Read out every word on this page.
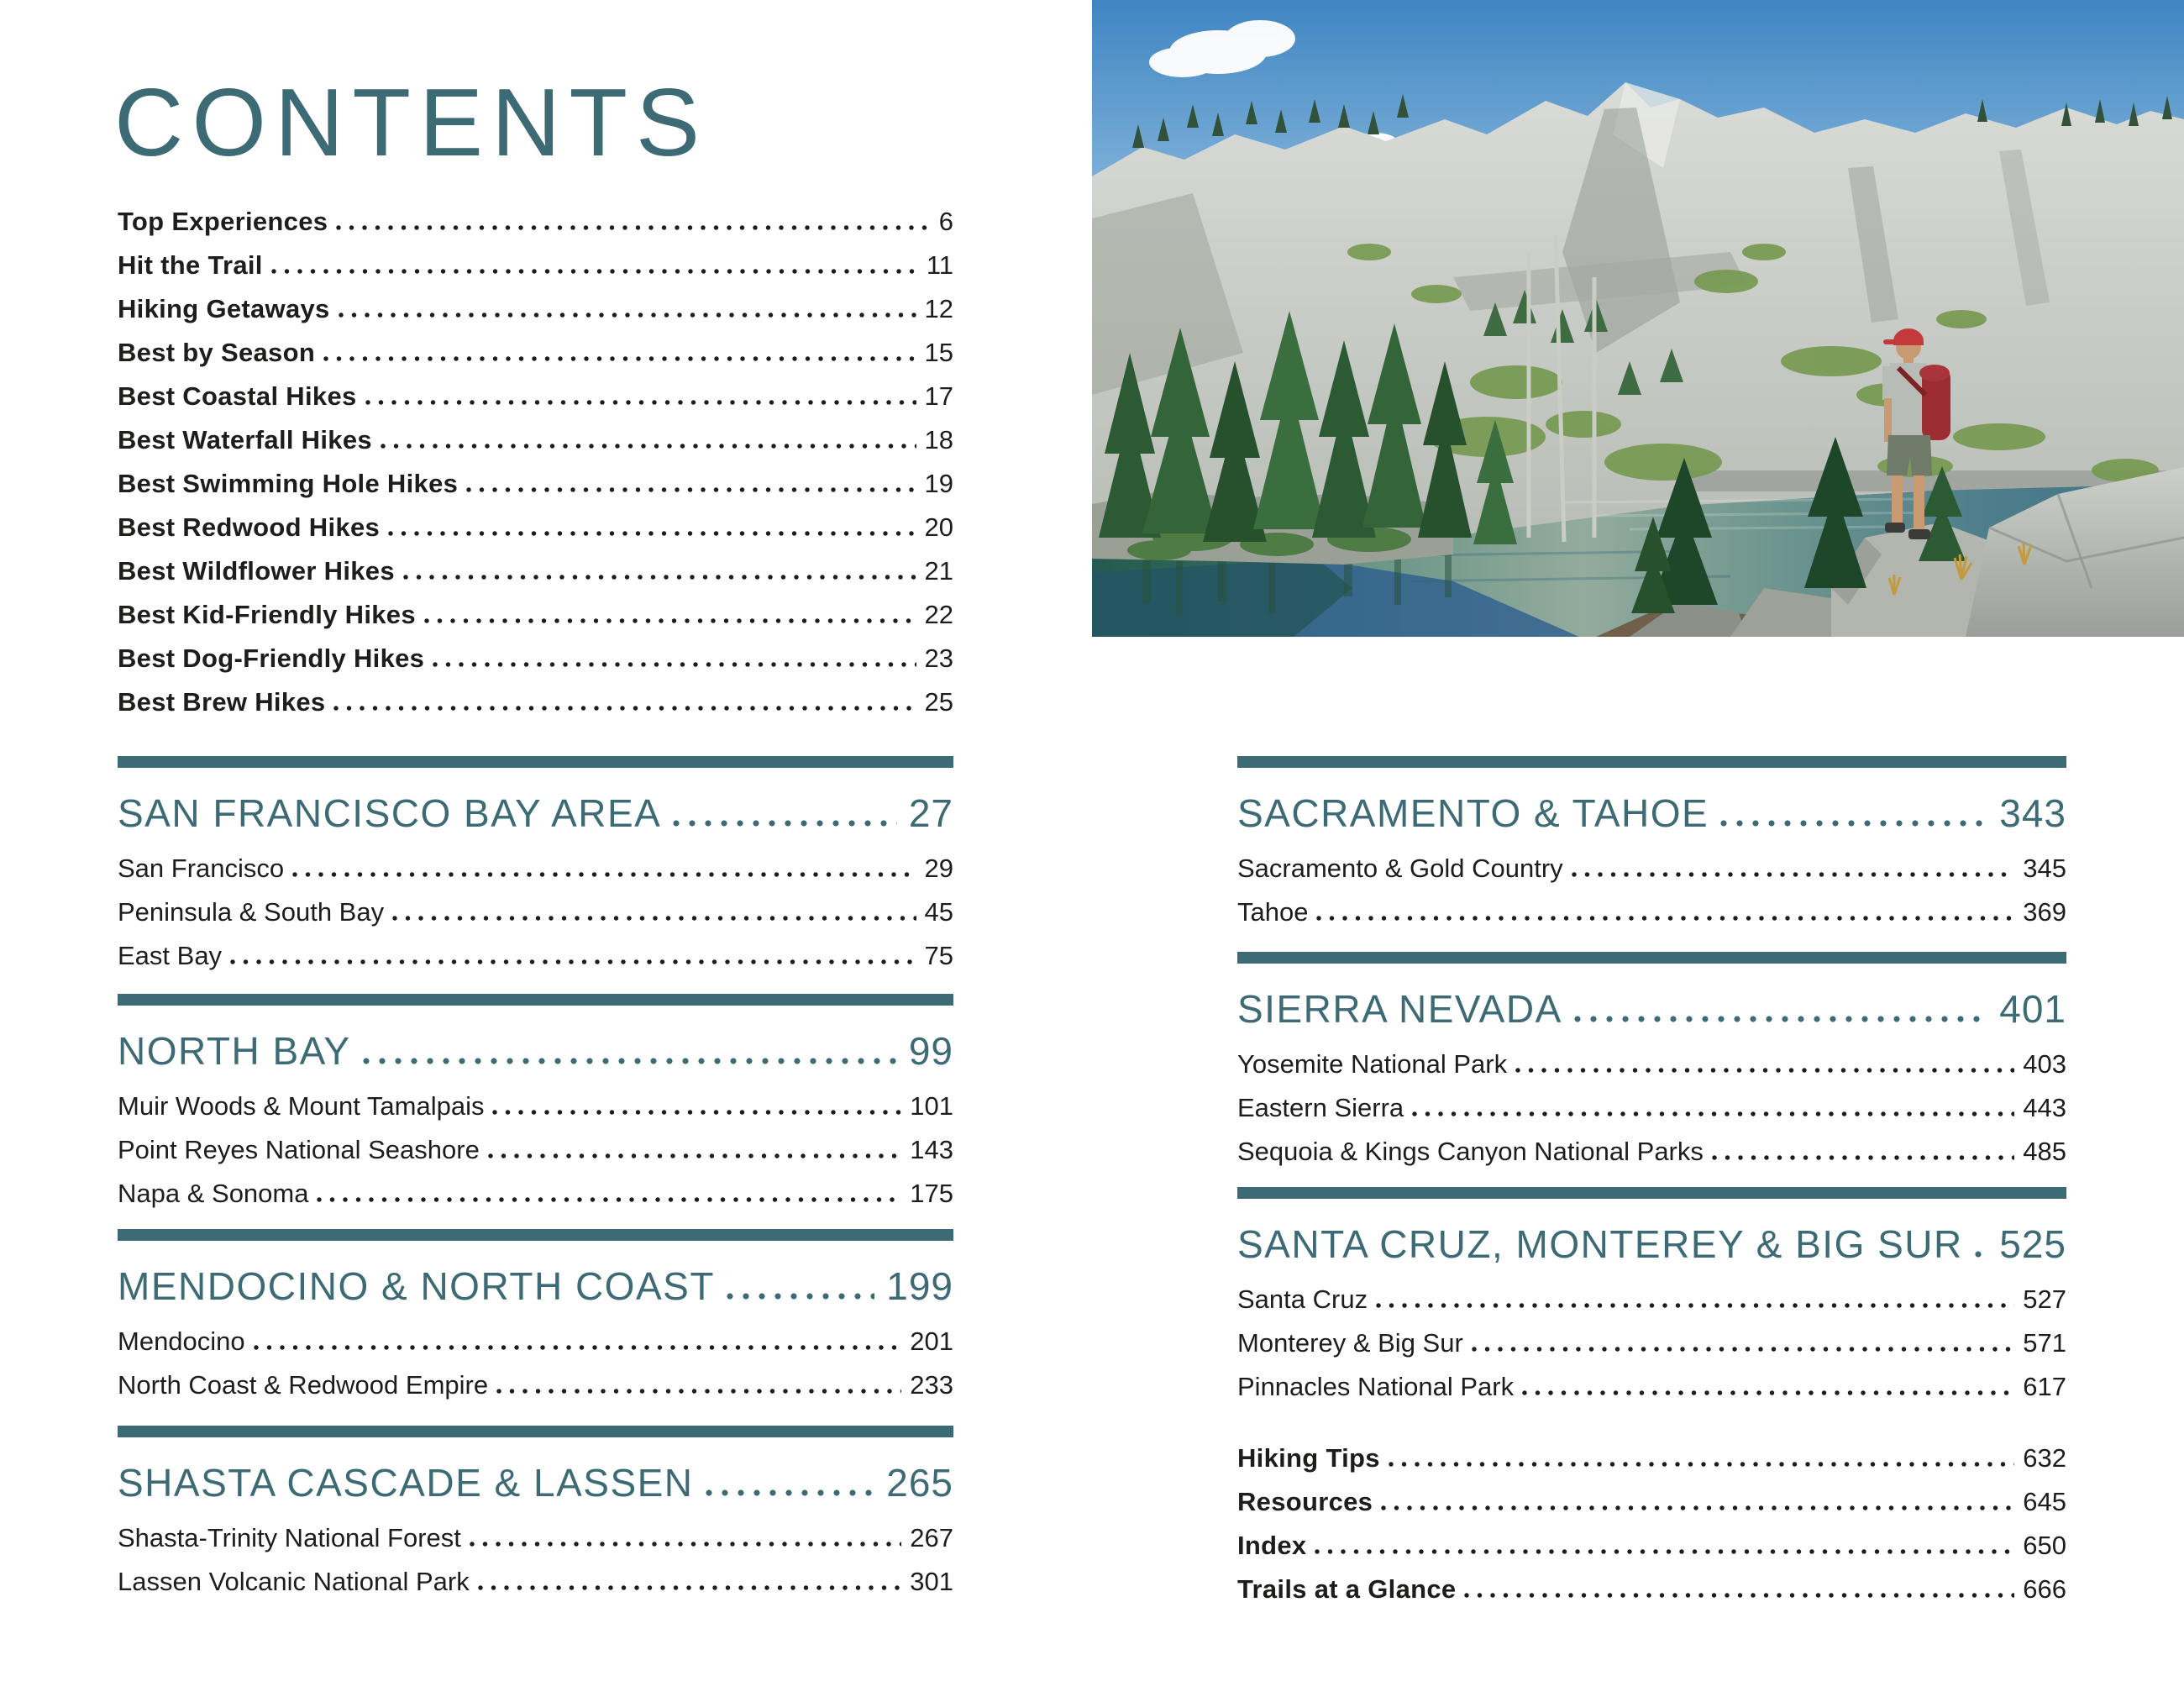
CONTENTS
Top Experiences	6
Hit the Trail	11
Hiking Getaways	12
Best by Season	15
Best Coastal Hikes	17
Best Waterfall Hikes	18
Best Swimming Hole Hikes	19
Best Redwood Hikes	20
Best Wildflower Hikes	21
Best Kid-Friendly Hikes	22
Best Dog-Friendly Hikes	23
Best Brew Hikes	25
SAN FRANCISCO BAY AREA	27
San Francisco	29
Peninsula & South Bay	45
East Bay	75
NORTH BAY	99
Muir Woods & Mount Tamalpais	101
Point Reyes National Seashore	143
Napa & Sonoma	175
MENDOCINO & NORTH COAST	199
Mendocino	201
North Coast & Redwood Empire	233
SHASTA CASCADE & LASSEN	265
Shasta-Trinity National Forest	267
Lassen Volcanic National Park	301
SACRAMENTO & TAHOE	343
Sacramento & Gold Country	345
Tahoe	369
SIERRA NEVADA	401
Yosemite National Park	403
Eastern Sierra	443
Sequoia & Kings Canyon National Parks	485
SANTA CRUZ, MONTEREY & BIG SUR 525
Santa Cruz	527
Monterey & Big Sur	571
Pinnacles National Park	617
Hiking Tips	632
Resources	645
Index	650
Trails at a Glance	666
